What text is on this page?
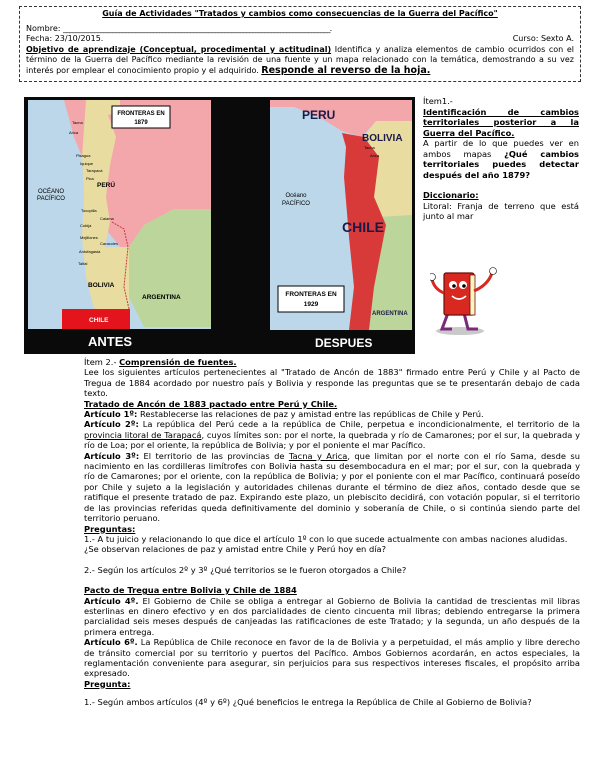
Guía de Actividades "Tratados y cambios como consecuencias de la Guerra del Pacífico"
Nombre: ______________________________________________________________________________________.
Fecha: 23/10/2015.	Curso: Sexto A.
Objetivo de aprendizaje (Conceptual, procedimental y actitudinal) Identifica y analiza elementos de cambio ocurridos con el término de la Guerra del Pacífico mediante la revisión de una fuente y un mapa relacionado con la temática, demostrando a su vez interés por emplear el conocimiento propio y el adquirido. Responde al reverso de la hoja.
FRONTERAS EN
1879
OCÉANO
PACÍFICO
PERÚ
BOLIVIA
ARGENTINA
CHILE
Tacna
Arica
Pisagua
Iquique
Tarapacá
Pica
Tocopilla
Calama
Cobija
Mejillones
Caracoles
Antofagasta
Taltal
ANTES
PERU
BOLIVIA
Tacna
Arica
Océano
PACÍFICO
CHILE
ARGENTINA
FRONTERAS EN
1929
DESPUES
Ítem1.-
Identificación de cambios territoriales posterior a la Guerra del Pacífico.
A partir de lo que puedes ver en ambos mapas ¿Qué cambios territoriales puedes detectar después del año 1879?
Diccionario:
Litoral: Franja de terreno que está junto al mar

Ítem 2.- Comprensión de fuentes.

Lee los siguientes artículos pertenecientes al "Tratado de Ancón de 1883" firmado entre Perú y Chile y al Pacto de Tregua de 1884 acordado por nuestro país y Bolivia y responde las preguntas que se te presentarán debajo de cada texto.

Tratado de Ancón de 1883 pactado entre Perú y Chile.

Artículo 1º: Restablecerse las relaciones de paz y amistad entre las repúblicas de Chile y Perú.

Artículo 2º: La república del Perú cede a la república de Chile, perpetua e incondicionalmente, el territorio de la provincia litoral de Tarapacá, cuyos límites son: por el norte, la quebrada y río de Camarones; por el sur, la quebrada y río de Loa; por el oriente, la república de Bolivia; y por el poniente el mar Pacífico.

Artículo 3º: El territorio de las provincias de Tacna y Arica, que limitan por el norte con el río Sama, desde su nacimiento en las cordilleras limítrofes con Bolivia hasta su desembocadura en el mar; por el sur, con la quebrada y río de Camarones; por el oriente, con la república de Bolivia; y por el poniente con el mar Pacífico, continuará poseído por Chile y sujeto a la legislación y autoridades chilenas durante el término de diez años, contado desde que se ratifique el presente tratado de paz. Expirando este plazo, un plebiscito decidirá, con votación popular, si el territorio de las provincias referidas queda definitivamente del dominio y soberanía de Chile, o si continúa siendo parte del territorio peruano.

Preguntas:

1.- A tu juicio y relacionando lo que dice el artículo 1º con lo que sucede actualmente con ambas naciones aludidas. ¿Se observan relaciones de paz y amistad entre Chile y Perú hoy en día?

2.- Según los artículos 2º y 3º ¿Qué territorios se le fueron otorgados a Chile?

Pacto de Tregua entre Bolivia y Chile de 1884

Artículo 4º. El Gobierno de Chile se obliga a entregar al Gobierno de Bolivia la cantidad de trescientas mil libras esterlinas en dinero efectivo y en dos parcialidades de ciento cincuenta mil libras; debiendo entregarse la primera parcialidad seis meses después de canjeadas las ratificaciones de este Tratado; y la segunda, un año después de la primera entrega.

Artículo 6º. La República de Chile reconoce en favor de la de Bolivia y a perpetuidad, el más amplio y libre derecho de tránsito comercial por su territorio y puertos del Pacífico. Ambos Gobiernos acordarán, en actos especiales, la reglamentación conveniente para asegurar, sin perjuicios para sus respectivos intereses fiscales, el propósito arriba expresado.

Pregunta:

1.- Según ambos artículos (4º y 6º) ¿Qué beneficios le entrega la República de Chile al Gobierno de Bolivia?
